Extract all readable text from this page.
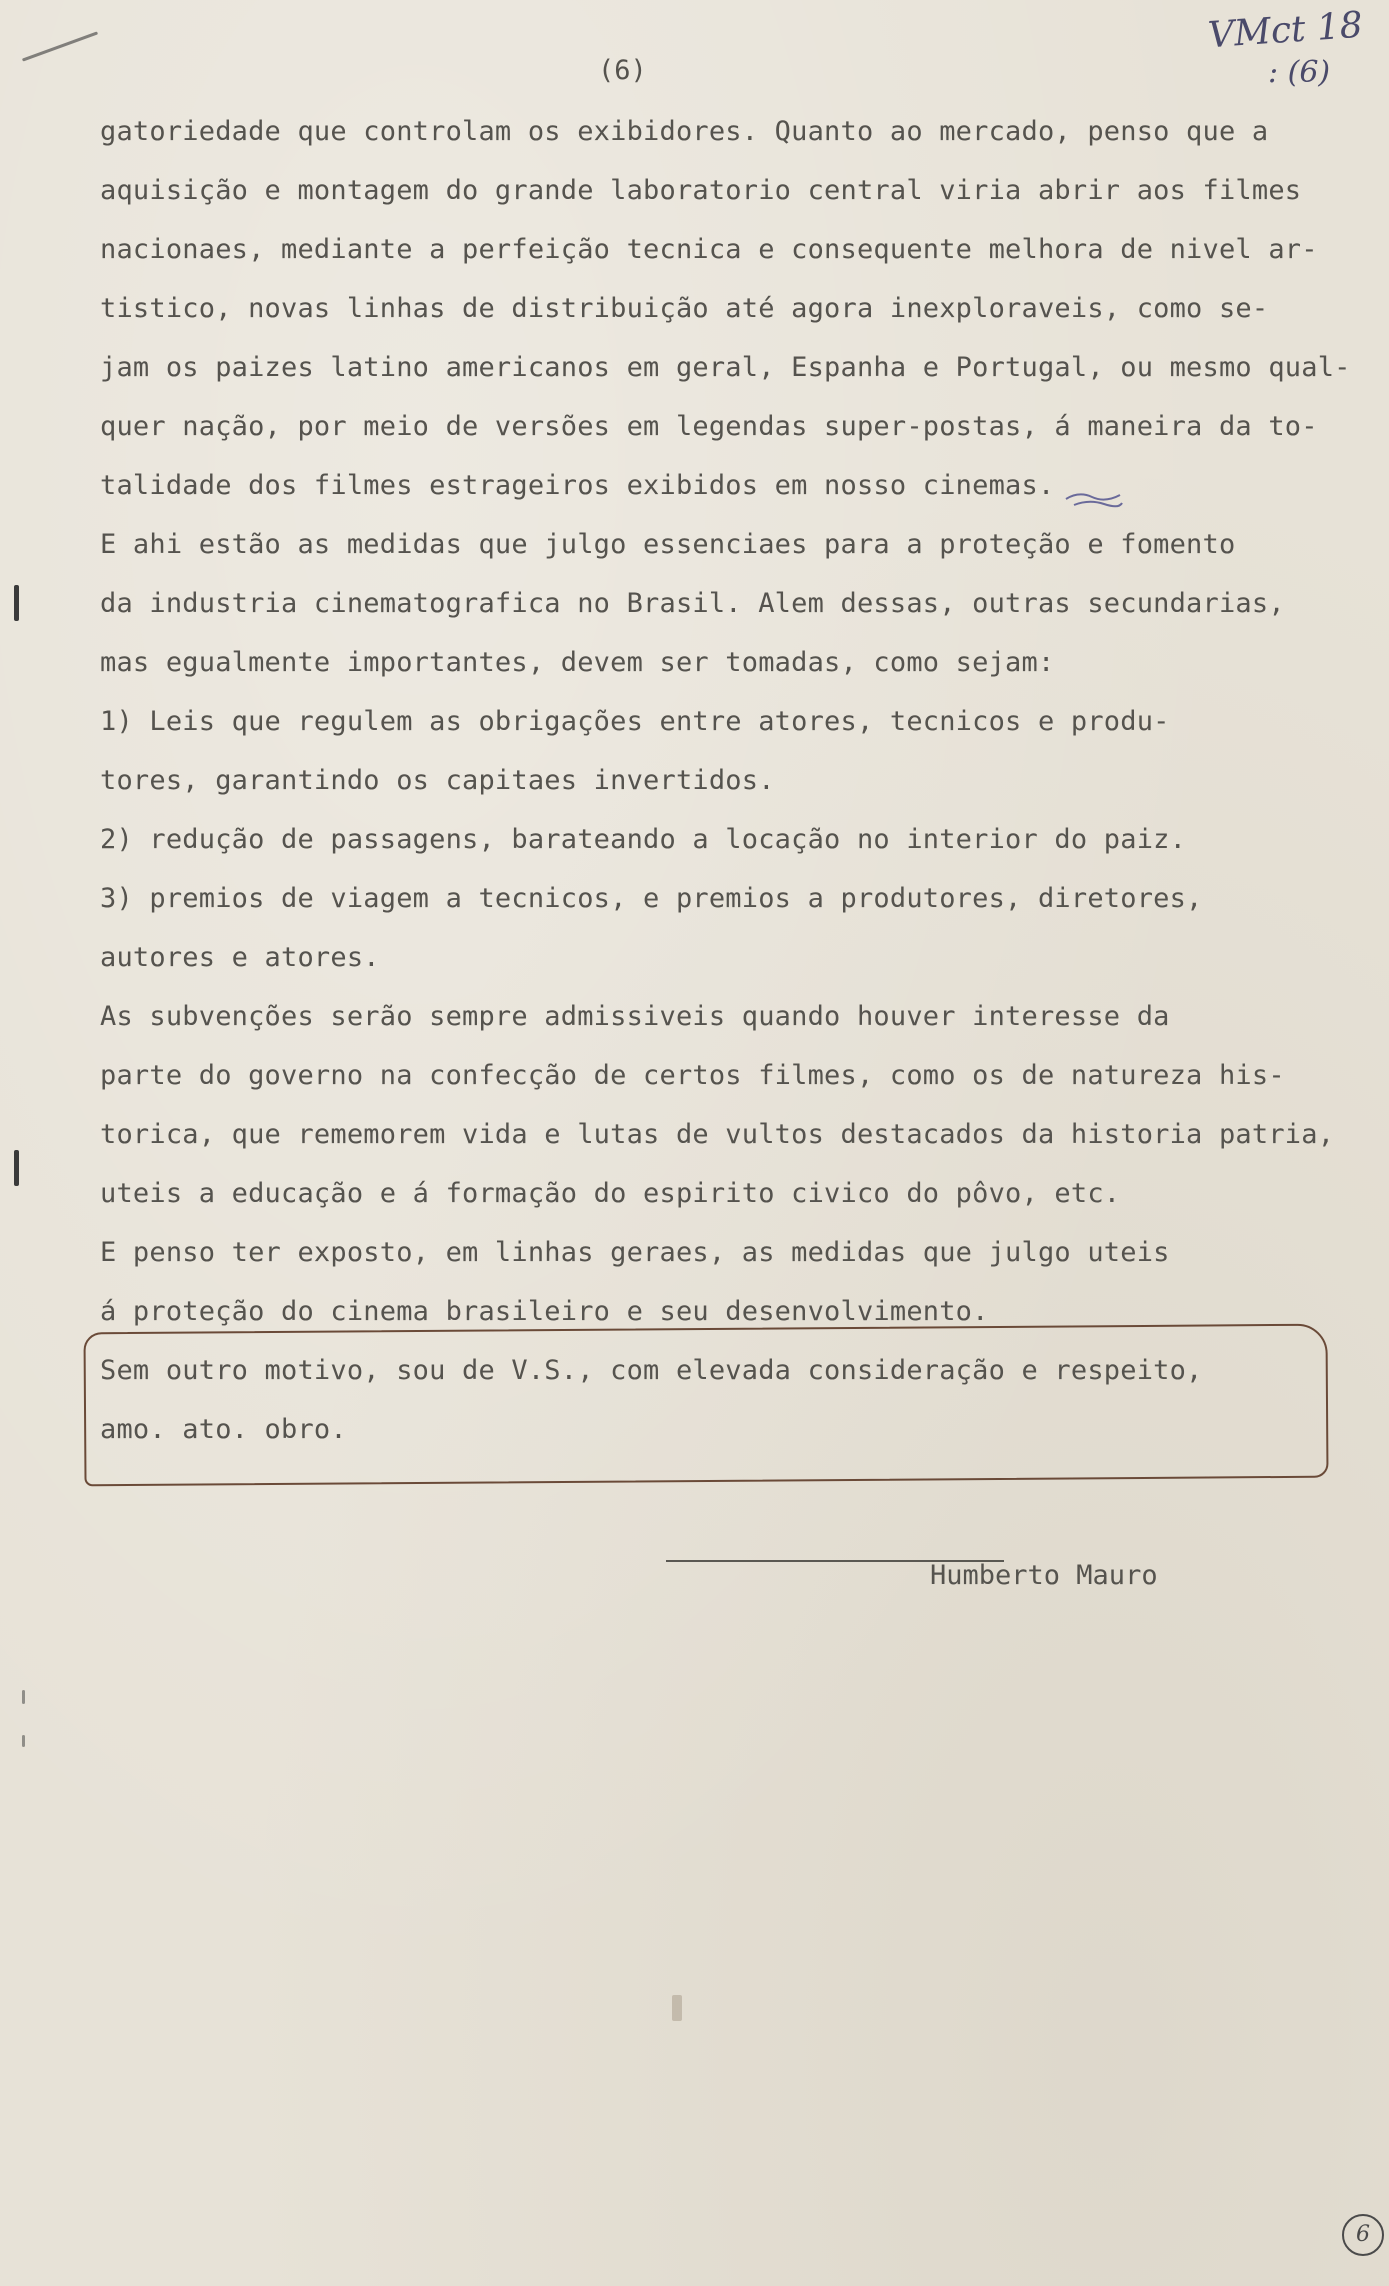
(6)
VMct 18
: (6)
gatoriedade que controlam os exibidores. Quanto ao mercado, penso que a
aquisição e montagem do grande laboratorio central viria abrir aos filmes
nacionaes, mediante a perfeição tecnica e consequente melhora de nivel ar-
tistico, novas linhas de distribuição até agora inexploraveis, como se-
jam os paizes latino americanos em geral, Espanha e Portugal, ou mesmo qual-
quer nação, por meio de versões em legendas super-postas, á maneira da to-
talidade dos filmes estrageiros exibidos em nosso cinemas.
E ahi estão as medidas que julgo essenciaes para a proteção e fomento
da industria cinematografica no Brasil. Alem dessas, outras secundarias,
mas egualmente importantes, devem ser tomadas, como sejam:
1) Leis que regulem as obrigações entre atores, tecnicos e produ-
tores, garantindo os capitaes invertidos.
2) redução de passagens, barateando a locação no interior do paiz.
3) premios de viagem a tecnicos, e premios a produtores, diretores,
autores e atores.
As subvenções serão sempre admissiveis quando houver interesse da
parte do governo na confecção de certos filmes, como os de natureza his-
torica, que rememorem vida e lutas de vultos destacados da historia patria,
uteis a educação e á formação do espirito civico do pôvo, etc.
E penso ter exposto, em linhas geraes, as medidas que julgo uteis
á proteção do cinema brasileiro e seu desenvolvimento.
Sem outro motivo, sou de V.S., com elevada consideração e respeito,
amo. ato. obro.
Humberto Mauro
6
